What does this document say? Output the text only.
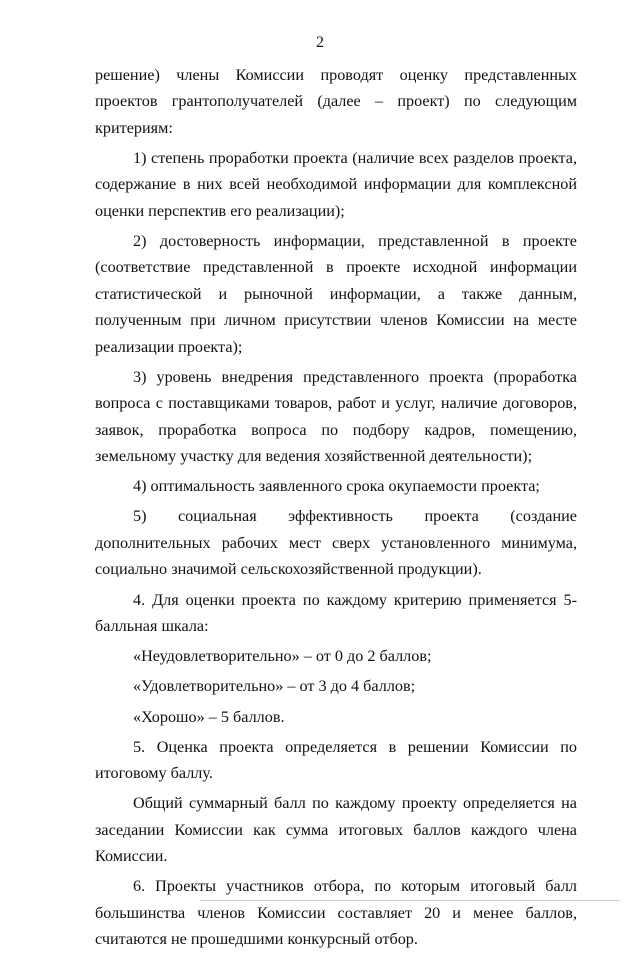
2

решение) члены Комиссии проводят оценку представленных проектов грантополучателей (далее – проект) по следующим критериям:

1) степень проработки проекта (наличие всех разделов проекта, содержание в них всей необходимой информации для комплексной оценки перспектив его реализации);

2) достоверность информации, представленной в проекте (соответствие представленной в проекте исходной информации статистической и рыночной информации, а также данным, полученным при личном присутствии членов Комиссии на месте реализации проекта);

3) уровень внедрения представленного проекта (проработка вопроса с поставщиками товаров, работ и услуг, наличие договоров, заявок, проработка вопроса по подбору кадров, помещению, земельному участку для ведения хозяйственной деятельности);

4) оптимальность заявленного срока окупаемости проекта;

5) социальная эффективность проекта (создание дополнительных рабочих мест сверх установленного минимума, социально значимой сельскохозяйственной продукции).

4. Для оценки проекта по каждому критерию применяется 5-балльная шкала:

«Неудовлетворительно» – от 0 до 2 баллов;

«Удовлетворительно» – от 3 до 4 баллов;

«Хорошо» – 5 баллов.

5. Оценка проекта определяется в решении Комиссии по итоговому баллу.

Общий суммарный балл по каждому проекту определяется на заседании Комиссии как сумма итоговых баллов каждого члена Комиссии.

6. Проекты участников отбора, по которым итоговый балл большинства членов Комиссии составляет 20 и менее баллов, считаются не прошедшими конкурсный отбор.
